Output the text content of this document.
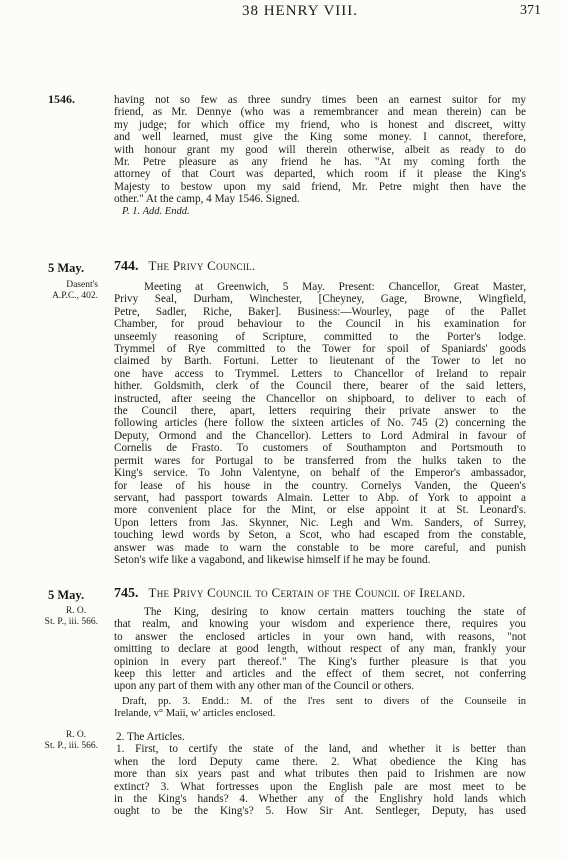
38 HENRY VIII.	371
1546.	having not so few as three sundry times been an earnest suitor for my
friend, as Mr. Dennye (who was a remembrancer and mean therein) can be
my judge; for which office my friend, who is honest and discreet, witty
and well learned, must give the King some money. I cannot, therefore,
with honour grant my good will therein otherwise, albeit as ready to do
Mr. Petre pleasure as any friend he has. "At my coming forth the
attorney of that Court was departed, which room if it please the King's
Majesty to bestow upon my said friend, Mr. Petre might then have the
other." At the camp, 4 May 1546. Signed.
P. 1. Add. Endd.
5 May. 744. The Privy Council.
Dasent's
A.P.C., 402.
Meeting at Greenwich, 5 May. Present: Chancellor, Great Master,
Privy Seal, Durham, Winchester, [Cheyney, Gage, Browne, Wingfield,
Petre, Sadler, Riche, Baker]. Business:—Wourley, page of the Pallet
Chamber, for proud behaviour to the Council in his examination for
unseemly reasoning of Scripture, committed to the Porter's lodge.
Trymmel of Rye committed to the Tower for spoil of Spaniards' goods
claimed by Barth. Fortuni. Letter to lieutenant of the Tower to let no
one have access to Trymmel. Letters to Chancellor of Ireland to repair
hither. Goldsmith, clerk of the Council there, bearer of the said letters,
instructed, after seeing the Chancellor on shipboard, to deliver to each of
the Council there, apart, letters requiring their private answer to the
following articles (here follow the sixteen articles of No. 745 (2) concerning the
Deputy, Ormond and the Chancellor). Letters to Lord Admiral in favour of
Cornelis de Frasto. To customers of Southampton and Portsmouth to
permit wares for Portugal to be transferred from the hulks taken to the
King's service. To John Valentyne, on behalf of the Emperor's ambassador,
for lease of his house in the country. Cornelys Vanden, the Queen's
servant, had passport towards Almain. Letter to Abp. of York to appoint a
more convenient place for the Mint, or else appoint it at St. Leonard's.
Upon letters from Jas. Skynner, Nic. Legh and Wm. Sanders, of Surrey,
touching lewd words by Seton, a Scot, who had escaped from the constable,
answer was made to warn the constable to be more careful, and punish
Seton's wife like a vagabond, and likewise himself if he may be found.
5 May. 745. The Privy Council to Certain of the Council of Ireland.
R. O.
St. P., iii. 566.
The King, desiring to know certain matters touching the state of
that realm, and knowing your wisdom and experience there, requires you
to answer the enclosed articles in your own hand, with reasons, "not
omitting to declare at good length, without respect of any man, frankly your
opinion in every part thereof." The King's further pleasure is that you
keep this letter and articles and the effect of them secret, not conferring
upon any part of them with any other man of the Council or others.
Draft, pp. 3. Endd.: M. of the l'res sent to divers of the Counseile in
Irelande, v° Maii, w' articles enclosed.
R. O.
St. P., iii. 566.
2. The Articles.
1. First, to certify the state of the land, and whether it is better than
when the lord Deputy came there. 2. What obedience the King has
more than six years past and what tributes then paid to Irishmen are now
extinct? 3. What fortresses upon the English pale are most meet to be
in the King's hands? 4. Whether any of the Englishry hold lands which
ought to be the King's? 5. How Sir Ant. Sentleger, Deputy, has used
